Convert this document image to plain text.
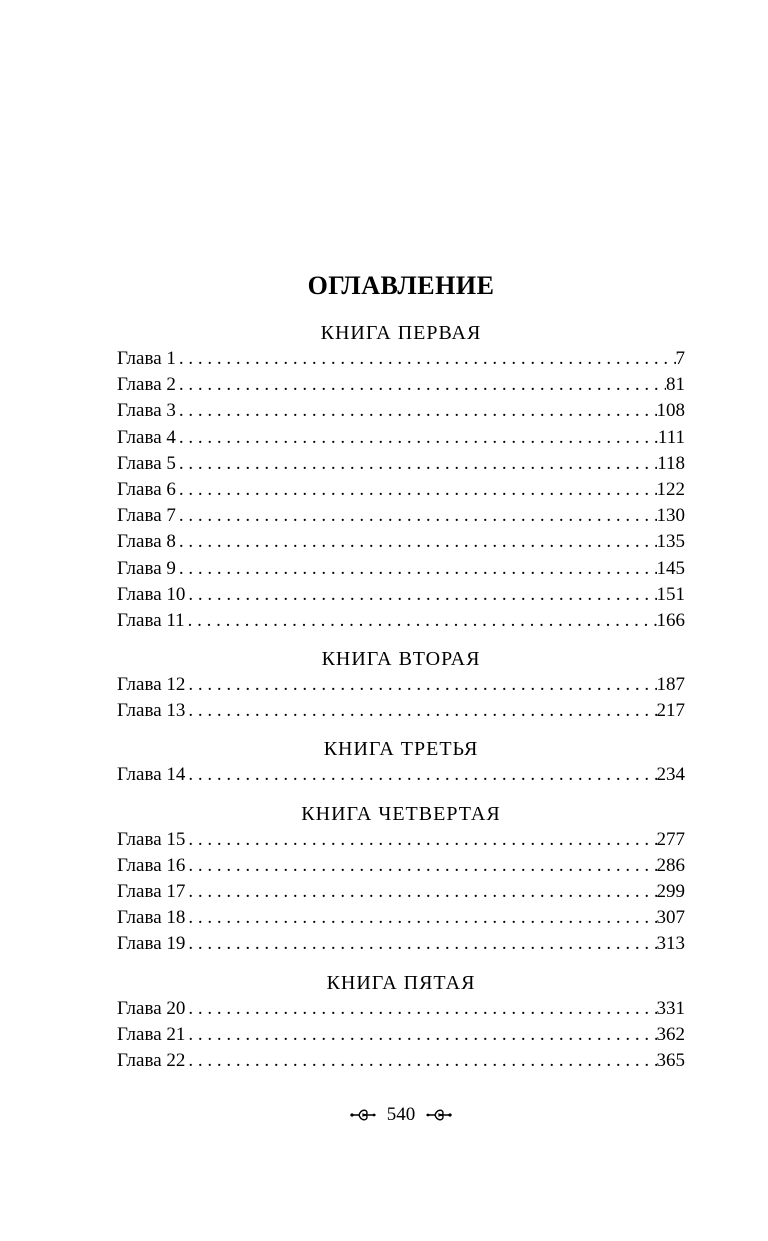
ОГЛАВЛЕНИЕ
КНИГА ПЕРВАЯ
Глава 1 . . .	7
Глава 2 . . .	81
Глава 3 . . .	108
Глава 4 . . .	111
Глава 5 . . .	118
Глава 6 . . .	122
Глава 7 . . .	130
Глава 8 . . .	135
Глава 9 . . .	145
Глава 10 . . .	151
Глава 11 . . .	166
КНИГА ВТОРАЯ
Глава 12 . . .	187
Глава 13 . . .	217
КНИГА ТРЕТЬЯ
Глава 14 . . .	234
КНИГА ЧЕТВЕРТАЯ
Глава 15 . . .	277
Глава 16 . . .	286
Глава 17 . . .	299
Глава 18 . . .	307
Глава 19 . . .	313
КНИГА ПЯТАЯ
Глава 20 . . .	331
Глава 21 . . .	362
Глава 22 . . .	365
540
